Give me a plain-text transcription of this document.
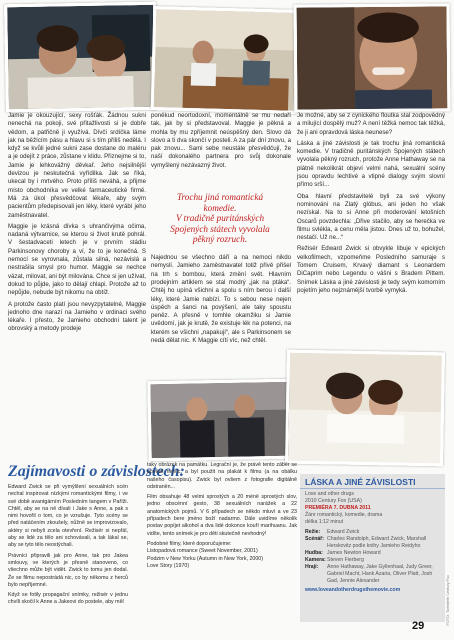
Jamie je okouzující, sexy rošťák. Žádnou sukni nenechá na pokoji, své přitažlivosti si je dobře vědom, a patřičně ji využívá. Dívčí srdíčka láme jak na běžícím pásu a hlavu si s tím příliš nedělá. I když se kvůli jedné sukni zase dostane do maléru a je odejít z práce, zůstane v klidu. Přiznejme si to, Jamie je lehkovážný děvkař. Jeho nejsilnější devizou je neskutečná vyřídilka. Jak se říká, ukecal by i mrtvého. Proto příliš neváhá, a přijme místo obchodníka ve velké farmaceutické firmě. Má za úkol přesvědčovat lékaře, aby svým pacientům předepisovali jen léky, které vyrábí jeho zaměstnavatel.

Maggie je krásná dívka s uhrančivýma očima, nadaná výtvarnice, se kterou si život krutě pohrál. V šestadvaceti letech je v prvním stádiu Parkinsonovy choroby a ví, že to je konečná. S nemocí se vyrovnala, zůstala silná, nezávislá a nestrašila smysl pro humor. Maggie se nechce vázat, milovat, ani být milována. Chce si jen užívat, dokud to půjde, jako to dělají chlapi. Protože až to nepůjde, nebude být nikomu na obtíž.

A protože často platí jsou nevyzpytatelné, Maggie jednoho dne narazí na Jamieho v ordinaci svého lékaře. I přesto, že Jamieho obchodní talent je obrovský a metody prodeje

poněkud neortodoxní, momentálně se mu nedaří tak, jak by si představoval. Maggie je pěkná a mohla by mu zpříjemnit neúspěšný den. Slovo dá slovo a ti dva skončí v posteli. A za pár dní znovu, a pak znovu... Sami sebe neustále přesvědčují, že naší dokonalého partnera pro svůj dokonale vymyšlený nezávazný život.

Najednou se všechno dáří a na nemoci nikdo nemyslí. Jamieho zaměstnavatel totiž přivě přišel na trh s bombou, která změní svět. Hlavním prodejním artiklem se stal modrý „jak na ptáka“. Chtěj ho upíná všichni a spolu s ním berou i další léky, které Jamie nabízí. To s sebou nese nejen úspěch a šanci na povýšení, ale taky spoustu peněz. A přesně v tomhle okamžiku si Jamie uvědomí, jak je krutě, že existuje lék na potenci, na kterém se všichni „napakují“, ale s Parkinsonem se nedá dělat nic. K Maggie cítí víc, než chtěl.

Trochu jiná romantická komedie.

V tradičně puritánských

Spojených státech vyvolala

pěkný rozruch.

Je možné, aby se z cynického floutka stal zodpovědný a milující dospělý muž? A není těžká nemoc tak těžká, že ji ani opravdová láska neunese?

Láska a jiné závislosti je tak trochu jiná romantická komedie. V tradičně puritánských Spojených státech vyvolala pěkný rozruch, protože Anne Hathaway se na plátně nekolikrát objeví velmi nahá, sexuální scény jsou opravdu lechtivé a vtipné dialogy svým slovní přímo srší...

Oba hlavní představitelé byli za své výkony nominováni na Zlatý glóbus, ani jeden ho však nezískal. Na to si Anne při moderování letošních Oscarů povzdechla: „Dřive stačilo, aby se herečka ve filmu svlékla, a cenu měla jistou. Dnes už to, bohužel, nestačí. Už ne...“

Režisér Edward Zwick si obvykle libuje v epických velkofilmech, vzpomeňme Posledního samuraje s Tomem Cruisem, Krvavý diamant s Leonardem DiCaprim nebo Legendu o vášni s Bradem Pittem. Snímek Láska a jiné závislosti je tedy svým komorním pojetím jeho nejznámější tvorbě vymyká.

Zajímavosti o závislostech:

Edward Zwick se při vymýšlení sexuálních scén nechal inspirovat nízkými romantickými filmy, i ve své době avantgárním Posledním tangem v Paříži. Chtěl, aby se na ně dívali i Jake s Anne, a pak s nimi hovořil o tom, co je vzrušuje. Tyto scény se před natáčením zkoušely, nůžně se improvizovalo, aktéry si nebyli zcela otevření. Režisér si nepřál, aby se lidé za tělo ani schovávali, a tak lákal se, aby se tyto tělo neostýchali.

Právníci připravili jak pro Anne, tak pro Jakea smlouvy, ve kterých je přesně stanoveno, co všechno může být vidět. Zwick to tomu jen dodal. Že se filmu nepostrádá nic, co by někomu z herců bylo nepříjemné.

Když se fotily propagační snímky, režisér v jednu chvíli skočil k Anne a Jakeovi do postele, aby měl

taky obrázek na památku. Legrační je, že právě tento záběr se pověsil nejvíc, a byl použit na plakát k filmu (a na obálku našeho časopisu). Zwick byl ovšem z fotografie digitálně odstraněn...

Film obsahuje 48 velmi sprostých a 20 méně sprostých slov, jedno obscénní gesto, 38 sexuálních narážek a 22 anatomických pojmů. V 6 případech se někdo mluví a ve 23 případech bere jméno boží nadarmo. Dále uvidíme několik postav popíjet alkohol a dva lidé dokonce kouří marihuanu. Jak vidíte, tento snímek je pro děti skutečně nevhodný!

Podobné filmy, které doporučujeme:

Listopadová romance (Sweet November, 2001)

Podzim v New Yorku (Autumn in New York, 2000)

Love Story (1970)

LÁSKA A JINÉ ZÁVISLOSTI
Love and other drugs
2010 Century Fox (USA)
PREMIÉRA 7. DUBNA 2011
Žánr romantický, komedie, drama
délka 1:12 minut
Režie: Edward Zwick
Scénář: Charles Randolph, Edward Zwick, Marshall Herskovitz podle knihy Jamieho Reidyho
Hudba: James Newton Howard
Kamera:Steven Fierberg
Hrají: Anne Hathaway, Jake Gyllenhaal, Judy Greer, Gabriel Macht, Hank Azaria, Oliver Platt, Josh Gad, Jennie Alexander
www.loveandotherdrugsthemovie.com
29
FOTO: Twentieth Century Fox
